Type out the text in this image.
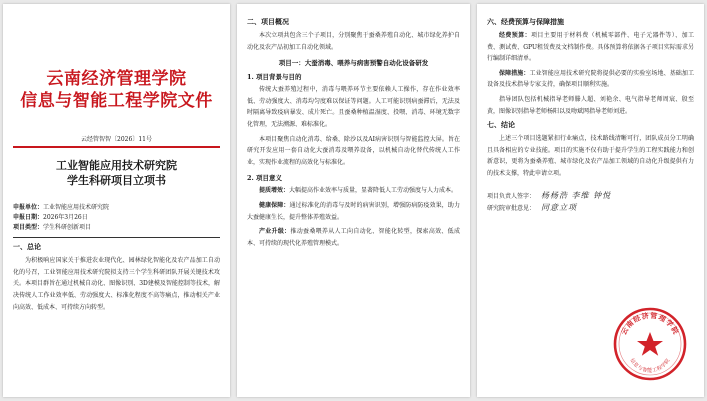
云南经济管理学院
信息与智能工程学院文件
云经管智智〔2026〕11号
工业智能应用技术研究院
学生科研项目立项书
申报单位：工业智能应用技术研究院
申报日期：2026年3月26日
项目类型：学生科研创新项目
一、总论
为积极响应国家关于推进农业现代化、园林绿化智能化及农产品加工自动化的号召，工业智能应用技术研究院拟支持三个学生科研团队开展关键技术攻关。本项目群旨在通过机械自动化、图像识别、3D建模及智能控制等技术，解决传统人工作业效率低、劳动强度大、标准化程度不高等痛点，推动相关产业向高效、低成本、可持续方向转型。
二、项目概况
本次立项共包含三个子项目，分别聚焦于蚕桑养殖自动化、城市绿化养护自动化及农产品初加工自动化领域。
项目一：大蚕消毒、喂养与病害预警自动化设备研发
1. 项目背景与目的
传统大蚕养殖过程中，消毒与喂养环节主要依赖人工操作，存在作业效率低、劳动强度大、消毒均匀度难以保证等问题。人工可能识别病蚕滞后，无法及时隔离导致疫病暴发、成片死亡。且蚕桑种植温湿度、投喂、消毒、环境无数字化管理，无法溯源、难标准化。
本项目聚焦自动化消毒、给桑、除沙以及AI病害识别与智能监控大屏。旨在研究开发应用一套自动化大蚕消毒及喂养设备，以机械自动化替代传统人工作业，实现作业流程的高效化与标准化。
2. 项目意义
提质增效：大幅提高作业效率与质量，显著降低人工劳动强度与人力成本。
健康保障：通过标准化的消毒与及时的病害识别，增强防病防疫效果，助力大蚕健康生长，提升整体养殖效益。
产业升级：推动蚕桑喂养从人工向自动化、智能化转型，探索高效、低成本、可持续的现代化养殖管理模式。
六、经费预算与保障措施
经费预算：项目主要用于材料费（机械零部件、电子元器件等）、加工费、测试费、GPU租赁费及文档制作费。具体预算将依据各子项目实际需求另行编制详细清单。
保障措施：工业智能应用技术研究院将提供必要的实验室场地、基础加工设备及技术指导专家支持，确保项目顺利实施。
指导团队包括机械指导老师滕人超、刘艳余、电气指导老师周宸、殷至黄，图像识别指导老师杨阳以及吻斌网指导老师刘进。
七、结论
上述三个项目选题紧扣行业痛点，技术路线清晰可行，团队成员分工明确且具备相应的专业技能。项目的实施不仅有助于提升学生的工程实践能力和创新意识，更将为蚕桑养殖、城市绿化及农产品加工领域的自动化升级提供有力的技术支撑，特此申请立项。
项目负责人签字： 杨杨浩 李维 钟悦
研究院审批意见： 同意立项
云南经济管理学院
信息与智能工程学院
